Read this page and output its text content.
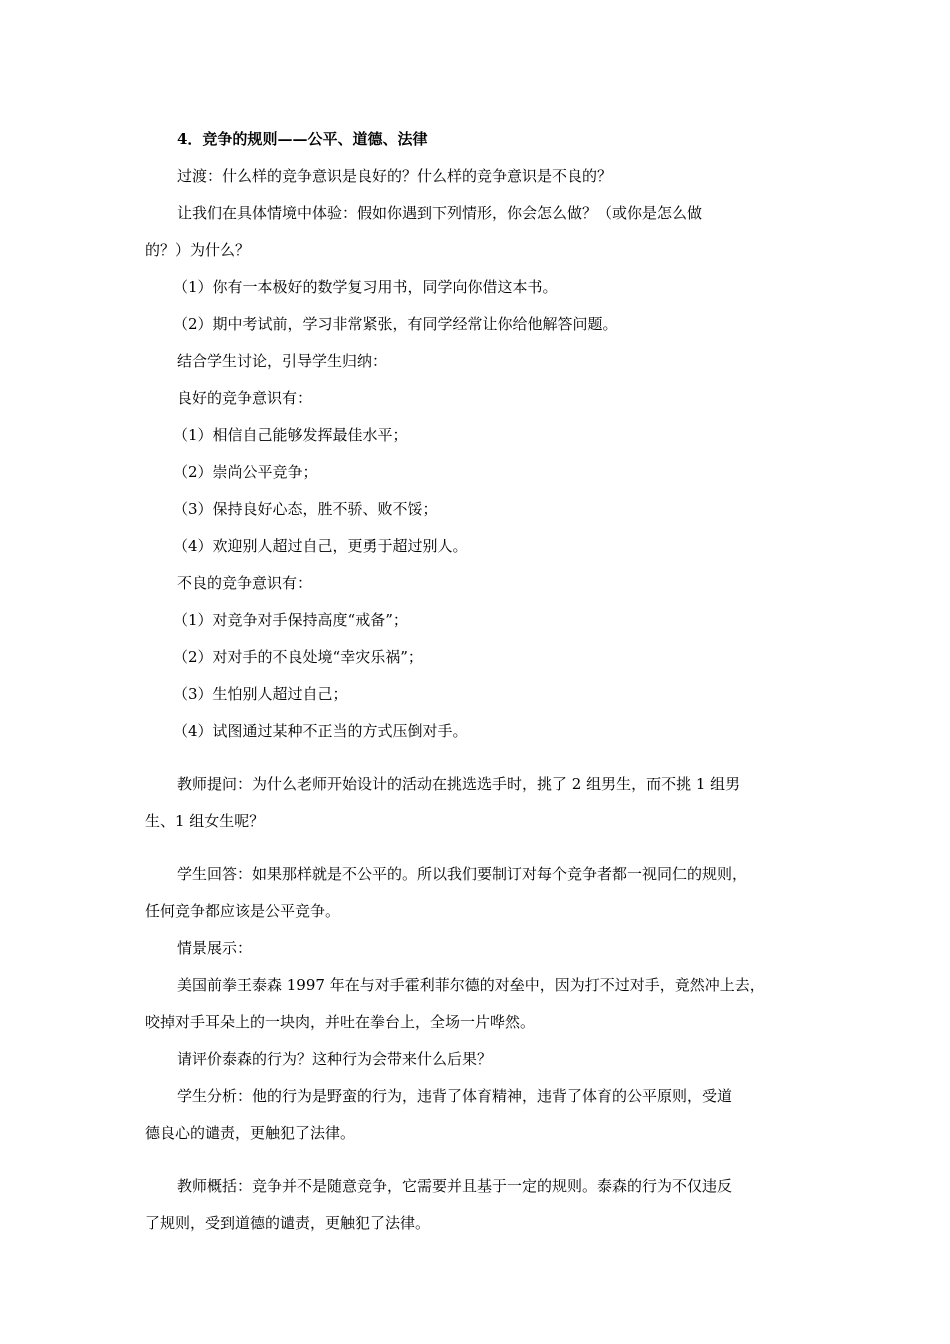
4．竞争的规则——公平、道德、法律

过渡：什么样的竞争意识是良好的？什么样的竞争意识是不良的？

让我们在具体情境中体验：假如你遇到下列情形，你会怎么做？（或你是怎么做

的？）为什么？

（1）你有一本极好的数学复习用书，同学向你借这本书。

（2）期中考试前，学习非常紧张，有同学经常让你给他解答问题。

结合学生讨论，引导学生归纳：

良好的竞争意识有：

（1）相信自己能够发挥最佳水平；

（2）崇尚公平竞争；

（3）保持良好心态，胜不骄、败不馁；

（4）欢迎别人超过自己，更勇于超过别人。

不良的竞争意识有：

（1）对竞争对手保持高度“戒备”；

（2）对对手的不良处境“幸灾乐祸”；

（3）生怕别人超过自己；

（4）试图通过某种不正当的方式压倒对手。

教师提问：为什么老师开始设计的活动在挑选选手时，挑了 2 组男生，而不挑 1 组男

生、1 组女生呢？

学生回答：如果那样就是不公平的。所以我们要制订对每个竞争者都一视同仁的规则，

任何竞争都应该是公平竞争。

情景展示：

美国前拳王泰森 1997 年在与对手霍利菲尔德的对垒中，因为打不过对手，竟然冲上去，

咬掉对手耳朵上的一块肉，并吐在拳台上，全场一片哗然。

请评价泰森的行为？这种行为会带来什么后果？

学生分析：他的行为是野蛮的行为，违背了体育精神，违背了体育的公平原则，受道

德良心的谴责，更触犯了法律。

教师概括：竞争并不是随意竞争，它需要并且基于一定的规则。泰森的行为不仅违反

了规则，受到道德的谴责，更触犯了法律。
